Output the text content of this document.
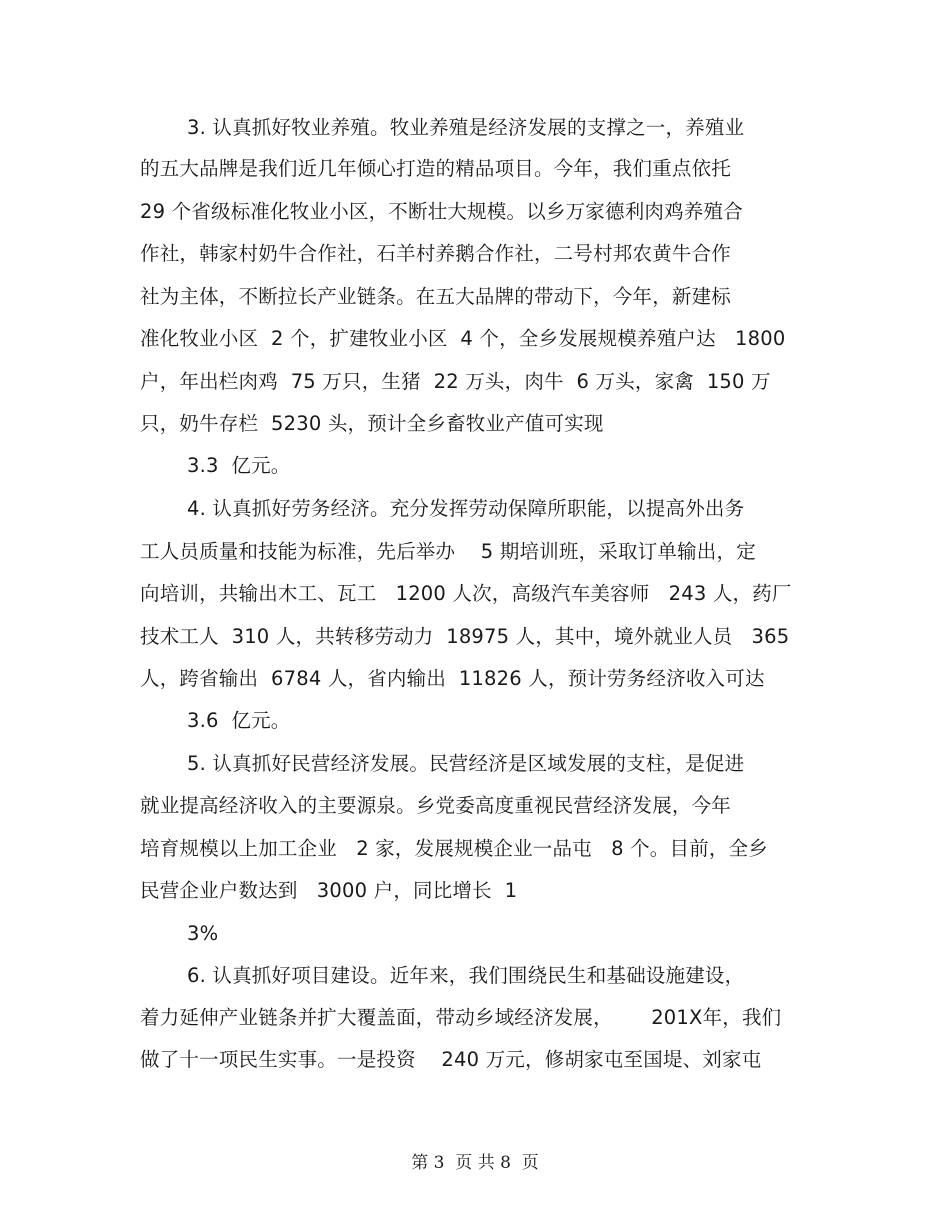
3. 认真抓好牧业养殖。牧业养殖是经济发展的支撑之一，养殖业
的五大品牌是我们近几年倾心打造的精品项目。今年，我们重点依托
29 个省级标准化牧业小区，不断壮大规模。以乡万家德利肉鸡养殖合
作社，韩家村奶牛合作社，石羊村养鹅合作社，二号村邦农黄牛合作
社为主体，不断拉长产业链条。在五大品牌的带动下，今年，新建标
准化牧业小区  2 个，扩建牧业小区  4 个，全乡发展规模养殖户达   1800
户，年出栏肉鸡  75 万只，生猪  22 万头，肉牛  6 万头，家禽  150 万
只，奶牛存栏  5230 头，预计全乡畜牧业产值可实现
3.3  亿元。
4. 认真抓好劳务经济。充分发挥劳动保障所职能，以提高外出务
工人员质量和技能为标准，先后举办    5 期培训班，采取订单输出，定
向培训，共输出木工、瓦工   1200 人次，高级汽车美容师   243 人，药厂
技术工人  310 人，共转移劳动力  18975 人，其中，境外就业人员   365
人，跨省输出  6784 人，省内输出  11826 人，预计劳务经济收入可达
3.6  亿元。
5. 认真抓好民营经济发展。民营经济是区域发展的支柱，是促进
就业提高经济收入的主要源泉。乡党委高度重视民营经济发展，今年
培育规模以上加工企业   2 家，发展规模企业一品屯   8 个。目前，全乡
民营企业户数达到   3000 户，同比增长  1
3%
6. 认真抓好项目建设。近年来，我们围绕民生和基础设施建设，
着力延伸产业链条并扩大覆盖面，带动乡域经济发展，      201X年，我们
做了十一项民生实事。一是投资    240 万元，修胡家屯至国堤、刘家屯
第 3  页 共 8  页
